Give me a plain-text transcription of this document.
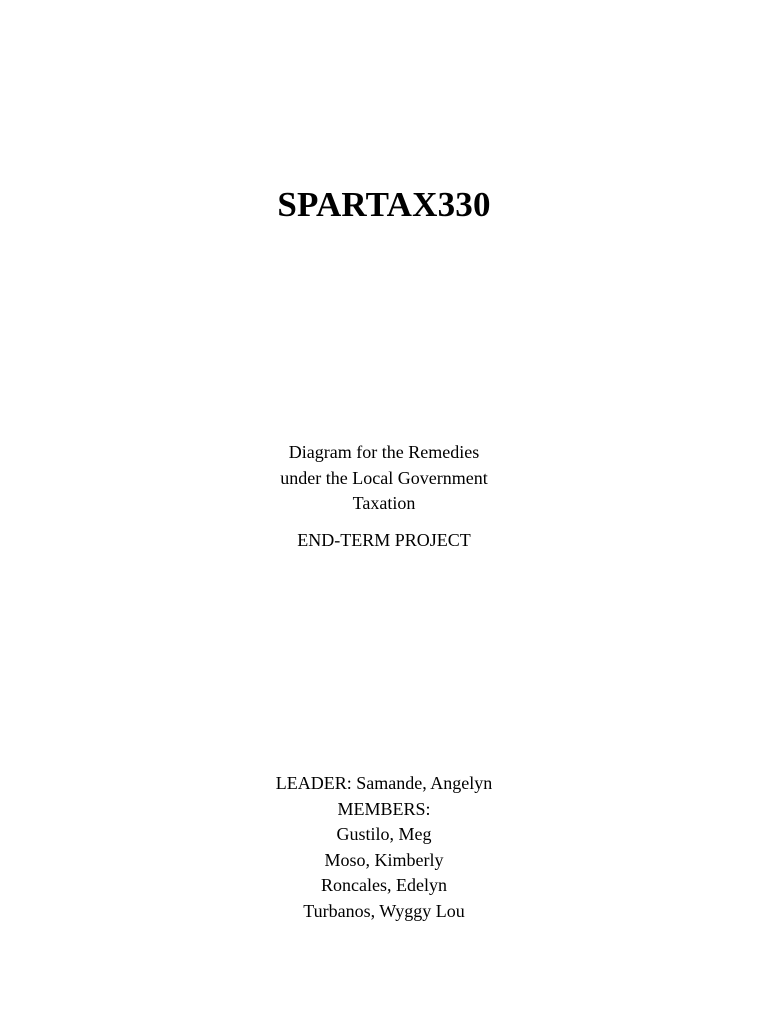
SPARTAX330
Diagram for the Remedies
under the Local Government
Taxation
END-TERM PROJECT
LEADER: Samande, Angelyn
MEMBERS:
Gustilo, Meg
Moso, Kimberly
Roncales, Edelyn
Turbanos, Wyggy Lou
